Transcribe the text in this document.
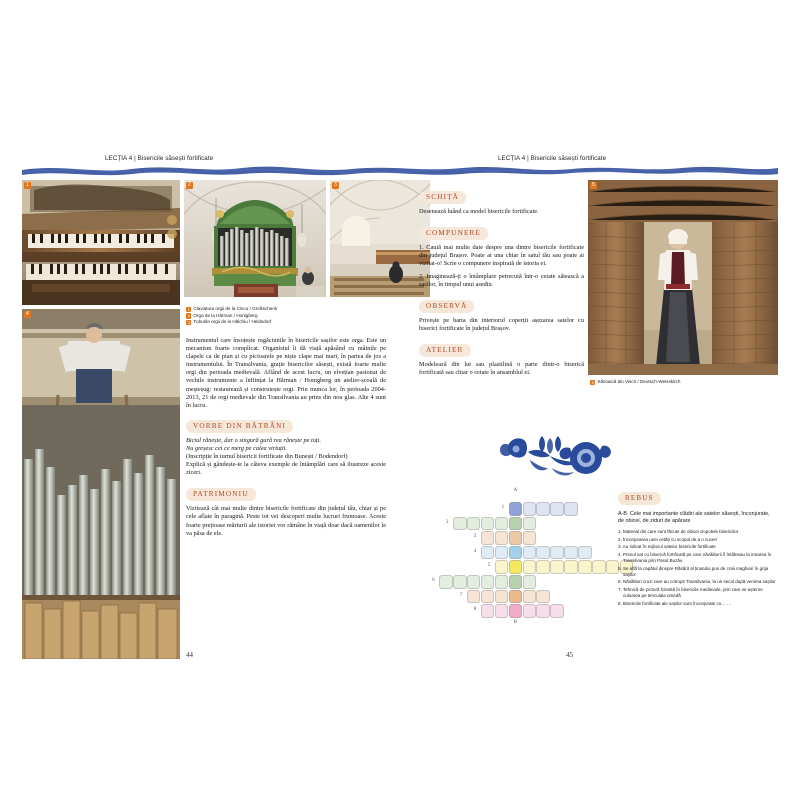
LECȚIA 4 | Bisericile săsești fortificate	LECȚIA 4 | Bisericile săsești fortificate
1	2	3
4
5
1 Claviatura orgii de la Cincu / Großschenk
2 Orga de la Hărman / Honigberg
3 Tuburile orgii de la Hălchiu / Heldsdorf
5 Săsoaică din Viscri / Deutsch-Weisskirch

Instrumentul care însoțește rugăciunile în bisericile sașilor este orga. Este un mecanism foarte complicat. Organistul îi dă viață apăsând cu mâinile pe clapele ca de pian și cu picioarele pe niște clape mai mari, în partea de jos a instrumentului. În Transilvania, grație bisericilor săsești, există foarte multe orgi din perioada medievală. Aflând de acest lucru, un elvețian pasionat de vechile instrumente a înființat la Hărman / Honigberg un atelier-școală de meșteșug: restaurează și construiește orgi. Prin munca lor, în perioada 2004-2013, 21 de orgi medievale din Transilvania au prins din nou glas. Alte 4 sunt în lucru.

VORBE DIN BĂTRÂNI

Biciul rănește, dar o singură gură rea rănește pe toți.

Nu greșesc cei ce merg pe calea virtuții.

(Inscripție în turnul bisericii fortificate din Bunești / Bodendorf)

Explică și gândește-te la câteva exemple de întâmplări care să ilustreze aceste ziceri.

PATRIMONIU

Vizitează cât mai multe dintre bisericile fortificate din județul tău, chiar și pe cele aflate în paragină. Peste tot vei descoperi multe lucruri frumoase. Aceste foarte prețioase mărturii ale istoriei vor rămâne în viață doar dacă oamenilor le va păsa de ele.

SCHIȚĂ

Desenează luând ca model bisericile fortificate.

COMPUNERE

1. Caută mai multe date despre una dintre bisericile fortificate din județul Brașov. Poate ai una chiar în satul tău sau poate ai vizitat-o! Scrie o compunere inspirată de istoria ei.

2. Imaginează-ți o întâmplare petrecută într-o cetate sătească a sașilor, în timpul unui asediu.

OBSERVĂ

Privește pe harta din interiorul coperții așezarea satelor cu biserici fortificate în județul Brașov.

ATELIER

Modelează din lut sau plastilină o parte dintr-o biserică fortificată sau chiar o cetate în ansamblul ei.

A
1
2
3
4
5
6
7
8
B
REBUS
A-B. Cele mai importante clădiri ale satelor săsești, înconjurate, de obicei, de ziduri de apărare
1. Material din care sunt făcute de obicei clopotele bisericilor
2. Înconjurarea unei cetăți cu scopul de a o cuceri
3. Au ridicat în mijlocul satelor bisericile fortificate
4. Primul sat cu biserică fortificată pe care năvălitorii îl întâlneau la intrarea în Transilvania prin Pasul Buzău
5. Se află la capătul dinspre Răsărit al ținutului pus de craii maghiari în grija sașilor
6. Năvălitori cruzi care au cotropit Transilvania, la un secol după venirea sașilor
7. Tehnică de pictură folosită în bisericile medievale, prin care se așterne culoarea pe tencuiala umedă
8. Bisericile fortificate ale sașilor sunt înconjurate cu… …
44	45
